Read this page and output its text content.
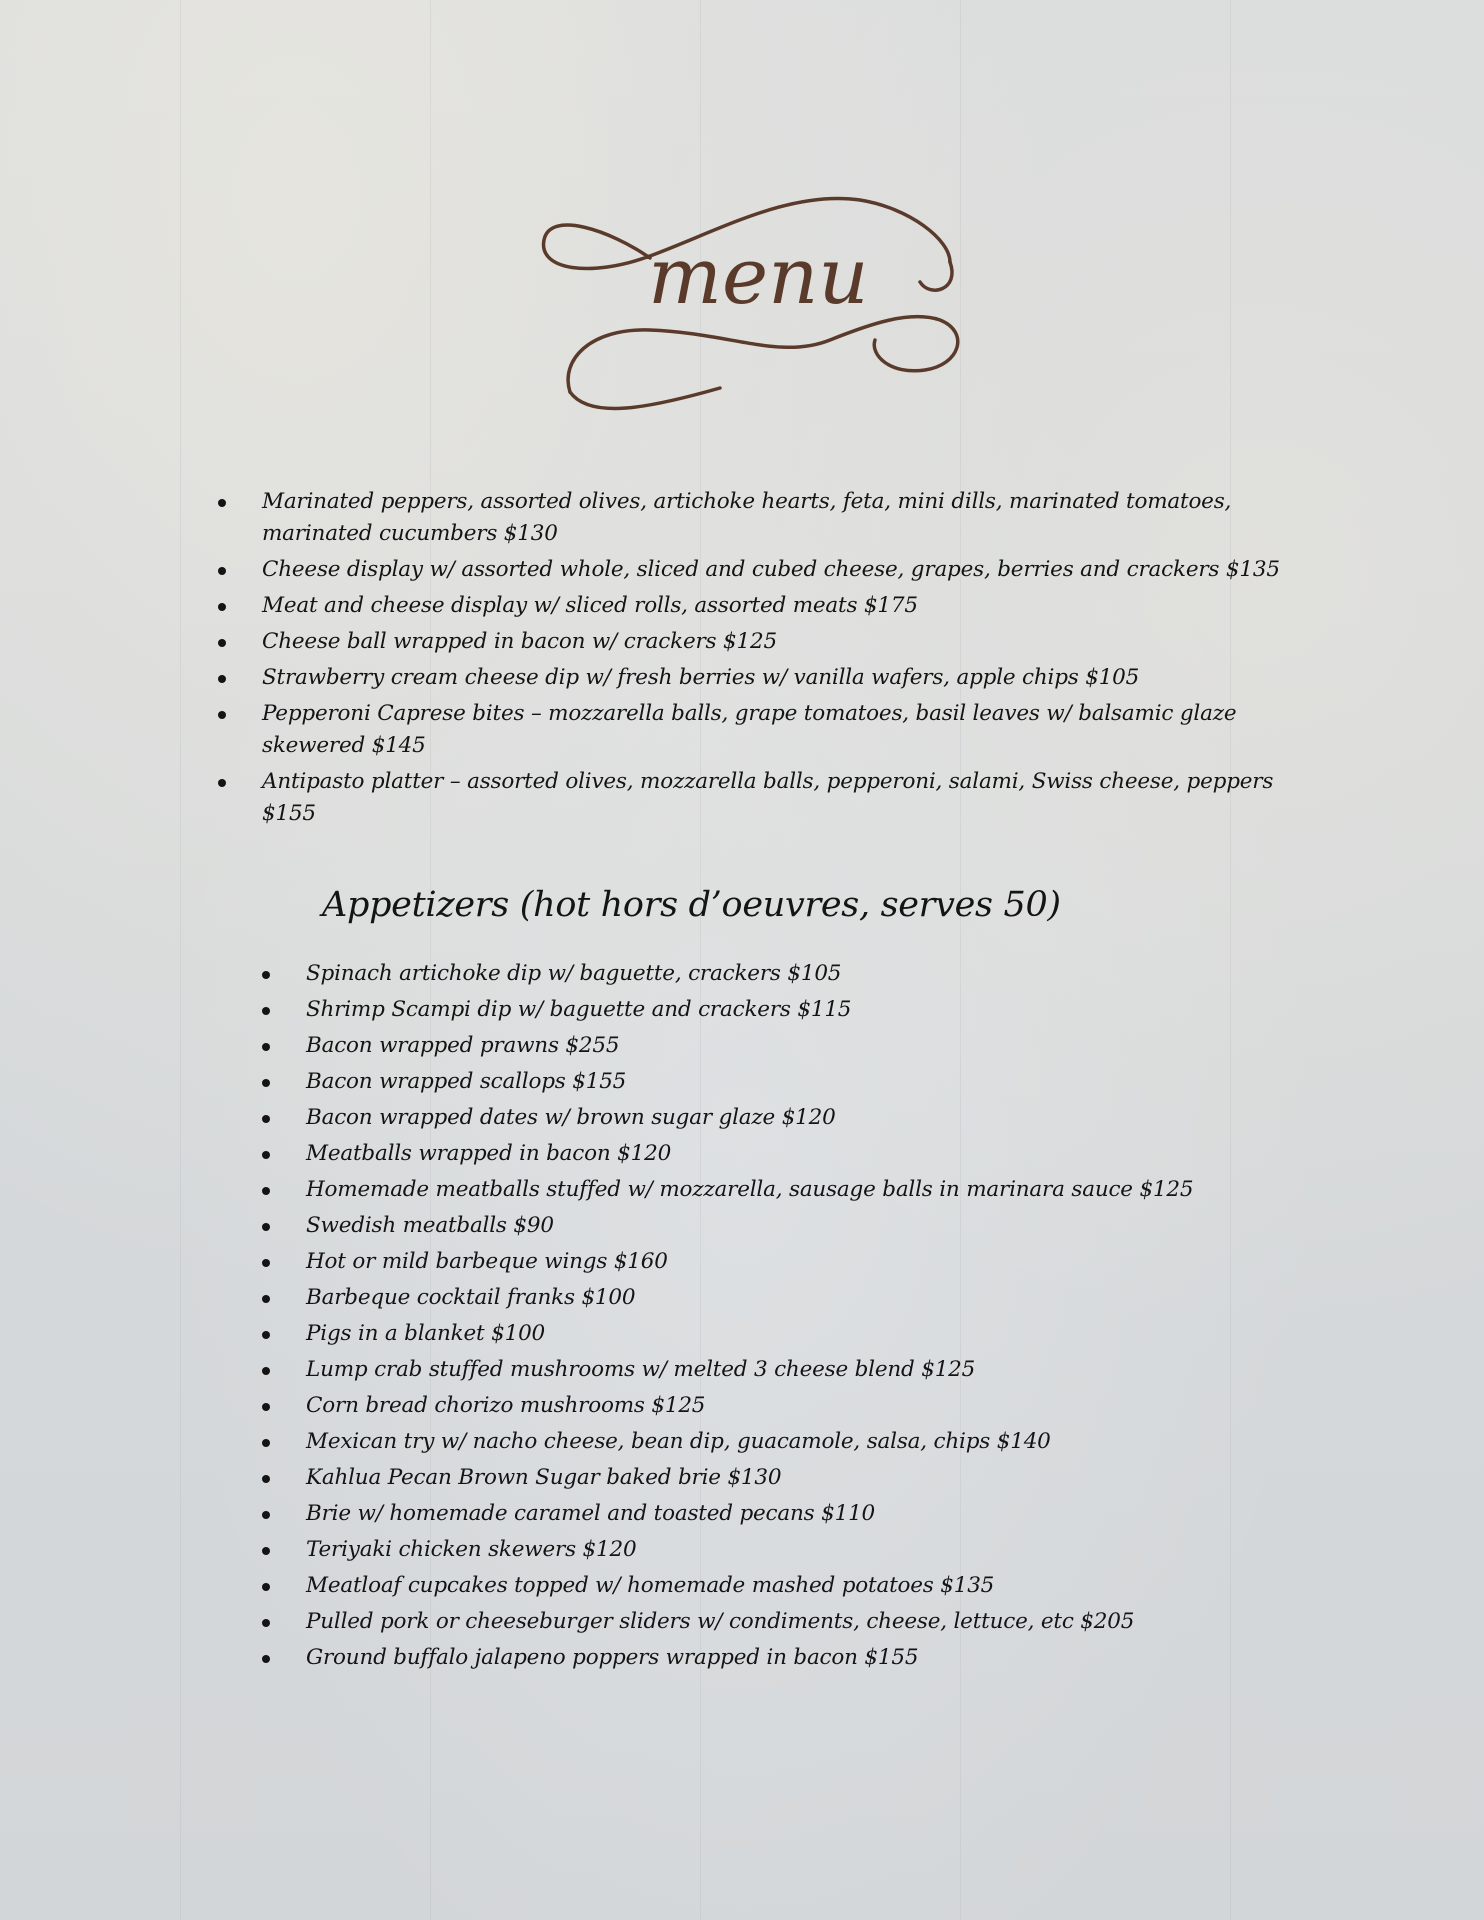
menu
Marinated peppers, assorted olives, artichoke hearts, feta, mini dills, marinated tomatoes, marinated cucumbers $130
Cheese display w/ assorted whole, sliced and cubed cheese, grapes, berries and crackers $135
Meat and cheese display w/ sliced rolls, assorted meats $175
Cheese ball wrapped in bacon w/ crackers $125
Strawberry cream cheese dip w/ fresh berries w/ vanilla wafers, apple chips $105
Pepperoni Caprese bites – mozzarella balls, grape tomatoes, basil leaves w/ balsamic glaze skewered $145
Antipasto platter – assorted olives, mozzarella balls, pepperoni, salami, Swiss cheese, peppers $155
Appetizers (hot hors d’oeuvres, serves 50)
Spinach artichoke dip w/ baguette, crackers $105
Shrimp Scampi dip w/ baguette and crackers $115
Bacon wrapped prawns $255
Bacon wrapped scallops $155
Bacon wrapped dates w/ brown sugar glaze $120
Meatballs wrapped in bacon $120
Homemade meatballs stuffed w/ mozzarella, sausage balls in marinara sauce $125
Swedish meatballs $90
Hot or mild barbeque wings $160
Barbeque cocktail franks $100
Pigs in a blanket $100
Lump crab stuffed mushrooms w/ melted 3 cheese blend $125
Corn bread chorizo mushrooms $125
Mexican try w/ nacho cheese, bean dip, guacamole, salsa, chips $140
Kahlua Pecan Brown Sugar baked brie $130
Brie w/ homemade caramel and toasted pecans $110
Teriyaki chicken skewers $120
Meatloaf cupcakes topped w/ homemade mashed potatoes $135
Pulled pork or cheeseburger sliders w/ condiments, cheese, lettuce, etc $205
Ground buffalo jalapeno poppers wrapped in bacon $155
